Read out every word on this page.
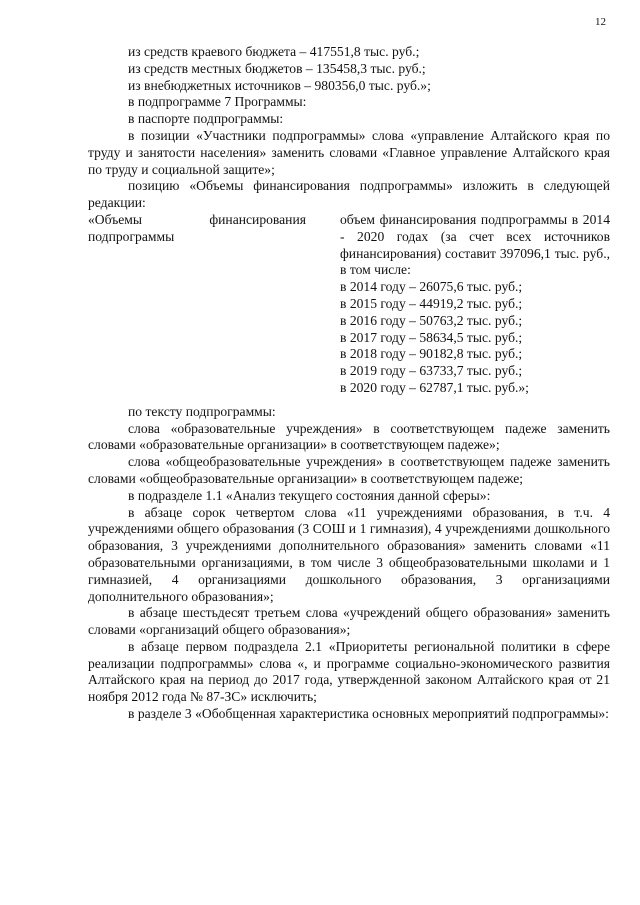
12

из средств краевого бюджета – 417551,8 тыс. руб.;

из средств местных бюджетов – 135458,3 тыс. руб.;

из внебюджетных источников – 980356,0 тыс. руб.»;

в подпрограмме 7 Программы:

в паспорте подпрограммы:

в позиции «Участники подпрограммы» слова «управление Алтайского края по труду и занятости населения» заменить словами «Главное управление Алтайского края по труду и социальной защите»;

позицию «Объемы финансирования подпрограммы» изложить в следующей редакции:

«Объемы финансирования

подпрограммы

объем финансирования подпрограммы в 2014 - 2020 годах (за счет всех источников финансирования) составит 397096,1 тыс. руб., в том числе:

в 2014 году – 26075,6 тыс. руб.;

в 2015 году – 44919,2 тыс. руб.;

в 2016 году – 50763,2 тыс. руб.;

в 2017 году – 58634,5 тыс. руб.;

в 2018 году – 90182,8 тыс. руб.;

в 2019 году – 63733,7 тыс. руб.;

в 2020 году – 62787,1 тыс. руб.»;

по тексту подпрограммы:

слова «образовательные учреждения» в соответствующем падеже заменить словами «образовательные организации» в соответствующем падеже»;

слова «общеобразовательные учреждения» в соответствующем падеже заменить словами «общеобразовательные организации» в соответствующем падеже;

в подразделе 1.1 «Анализ текущего состояния данной сферы»:

в абзаце сорок четвертом слова «11 учреждениями образования, в т.ч. 4 учреждениями общего образования (3 СОШ и 1 гимназия), 4 учреждениями дошкольного образования, 3 учреждениями дополнительного образования» заменить словами «11 образовательными организациями, в том числе 3 общеобразовательными школами и 1 гимназией, 4 организациями дошкольного образования, 3 организациями дополнительного образования»;

в абзаце шестьдесят третьем слова «учреждений общего образования» заменить словами «организаций общего образования»;

в абзаце первом подраздела 2.1 «Приоритеты региональной политики в сфере реализации подпрограммы» слова «, и программе социально-экономического развития Алтайского края на период до 2017 года, утвержденной законом Алтайского края от 21 ноября 2012 года № 87-ЗС» исключить;

в разделе 3 «Обобщенная характеристика основных мероприятий подпрограммы»:
